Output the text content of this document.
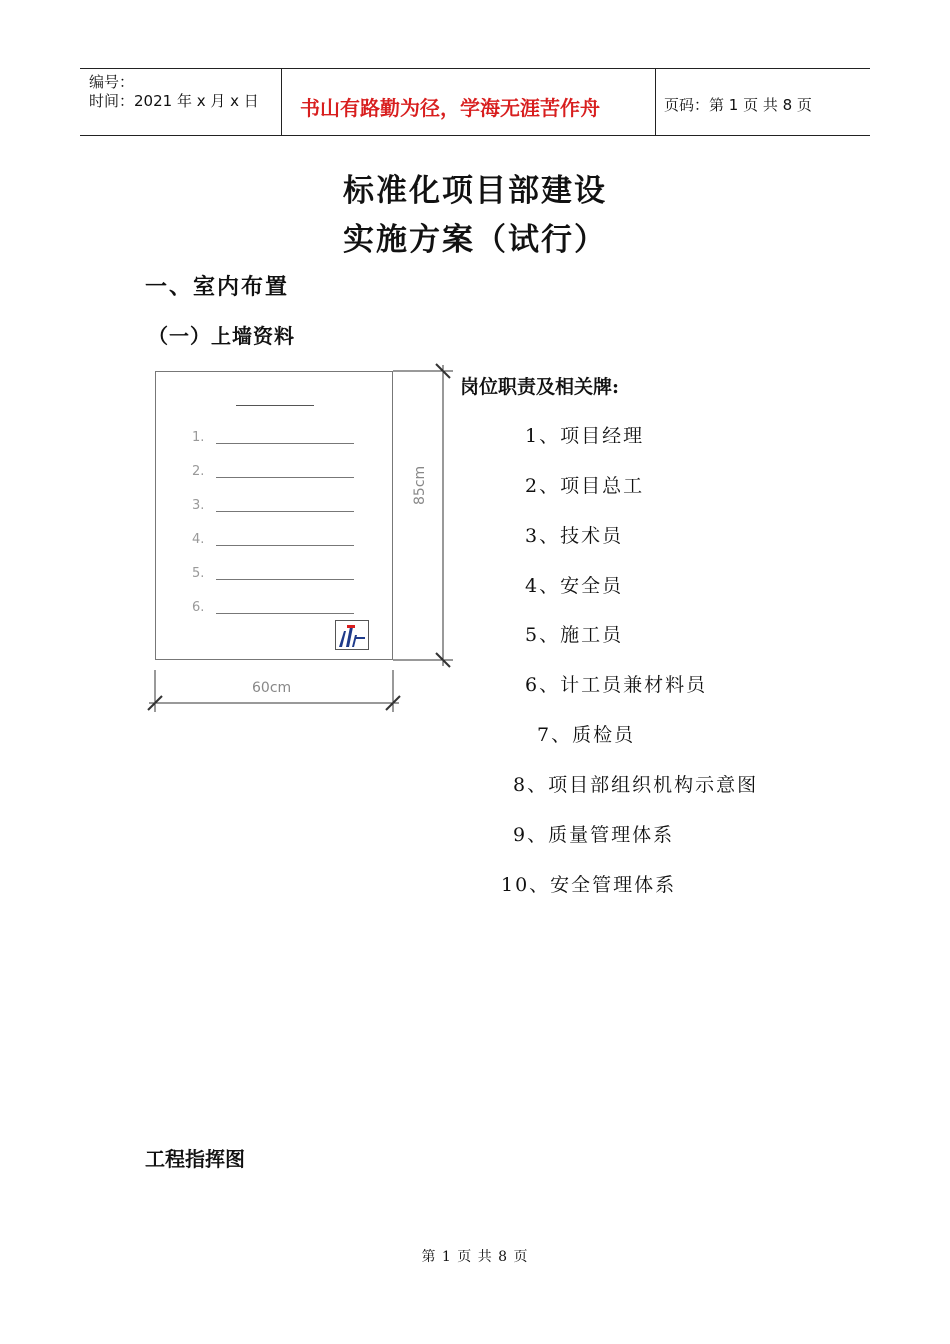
编号：
时间：2021 年 x 月 x 日 书山有路勤为径，学海无涯苦作舟	页码：第 1 页 共 8 页
标准化项目部建设
实施方案（试行）
一、室内布置
（一）上墙资料
1.
2.
3.
4.
5.
6.
85cm
60cm
岗位职责及相关牌:
1、项目经理
2、项目总工
3、技术员
4、安全员
5、施工员
6、计工员兼材料员
7、质检员
8、项目部组织机构示意图
9、质量管理体系
10、安全管理体系
工程指挥图
第 1 页 共 8 页
